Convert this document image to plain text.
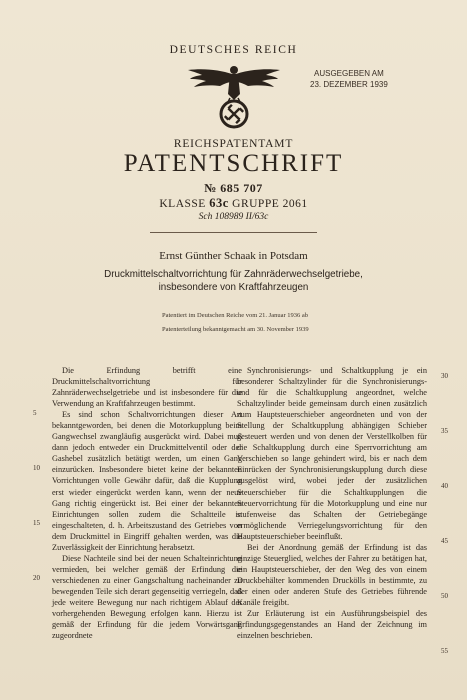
DEUTSCHES REICH
AUSGEGEBEN AM
23. DEZEMBER 1939
REICHSPATENTAMT
PATENTSCHRIFT
№ 685 707
KLASSE 63c GRUPPE 2061
Sch 108989 II/63c
Ernst Günther Schaak in Potsdam
Druckmittelschaltvorrichtung für Zahnräderwechselgetriebe,
insbesondere von Kraftfahrzeugen
Patentiert im Deutschen Reiche vom 21. Januar 1936 ab
Patenterteilung bekanntgemacht am 30. November 1939

Die Erfindung betrifft eine Druckmittelschaltvorrichtung für Zahnräderwechselgetriebe und ist insbesondere für die Verwendung an Kraftfahrzeugen bestimmt.

Es sind schon Schaltvorrichtungen dieser Art bekanntgeworden, bei denen die Motorkupplung beim Gangwechsel zwangläufig ausgerückt wird. Dabei muß dann jedoch entweder ein Druckmittelventil oder der Gashebel zusätzlich betätigt werden, um einen Gang einzurücken. Insbesondere bietet keine der bekannten Vorrichtungen volle Gewähr dafür, daß die Kupplung erst wieder eingerückt werden kann, wenn der neue Gang richtig eingerückt ist. Bei einer der bekannten Einrichtungen sollen zudem die Schaltteile in eingeschalteten, d. h. Arbeitszustand des Getriebes von dem Druckmittel in Eingriff gehalten werden, was die Zuverlässigkeit der Einrichtung herabsetzt.

Diese Nachteile sind bei der neuen Schalteinrichtung vermieden, bei welcher gemäß der Erfindung die verschiedenen zu einer Gangschaltung nacheinander zu bewegenden Teile sich derart gegenseitig verriegeln, daß jede weitere Bewegung nur nach richtigem Ablauf der vorhergehenden Bewegung erfolgen kann. Hierzu ist gemäß der Erfindung für die jedem Vorwärtsgang zugeordnete

Synchronisierungs- und Schaltkupplung je ein besonderer Schaltzylinder für die Synchronisierungs- und für die Schaltkupplung angeordnet, welche Schaltzylinder beide gemeinsam durch einen zusätzlich zum Hauptsteuerschieber angeordneten und von der Stellung der Schaltkupplung abhängigen Schieber gesteuert werden und von denen der Verstellkolben für die Schaltkupplung durch eine Sperrvorrichtung am Verschieben so lange gehindert wird, bis er nach dem Einrücken der Synchronisierungskupplung durch diese ausgelöst wird, wobei jeder der zusätzlichen Steuerschieber für die Schaltkupplungen die Steuervorrichtung für die Motorkupplung und eine nur stufenweise das Schalten der Getriebegänge ermöglichende Verriegelungsvorrichtung für den Hauptsteuerschieber beeinflußt.

Bei der Anordnung gemäß der Erfindung ist das einzige Steuerglied, welches der Fahrer zu betätigen hat, ein Hauptsteuerschieber, der den Weg des von einem Druckbehälter kommenden Druckölls in bestimmte, zu der einen oder anderen Stufe des Getriebes führende Kanäle freigibt.

Zur Erläuterung ist ein Ausführungsbeispiel des Erfindungsgegenstandes an Hand der Zeichnung im einzelnen beschrieben.

5
10
15
20
30
35
40
45
50
55
